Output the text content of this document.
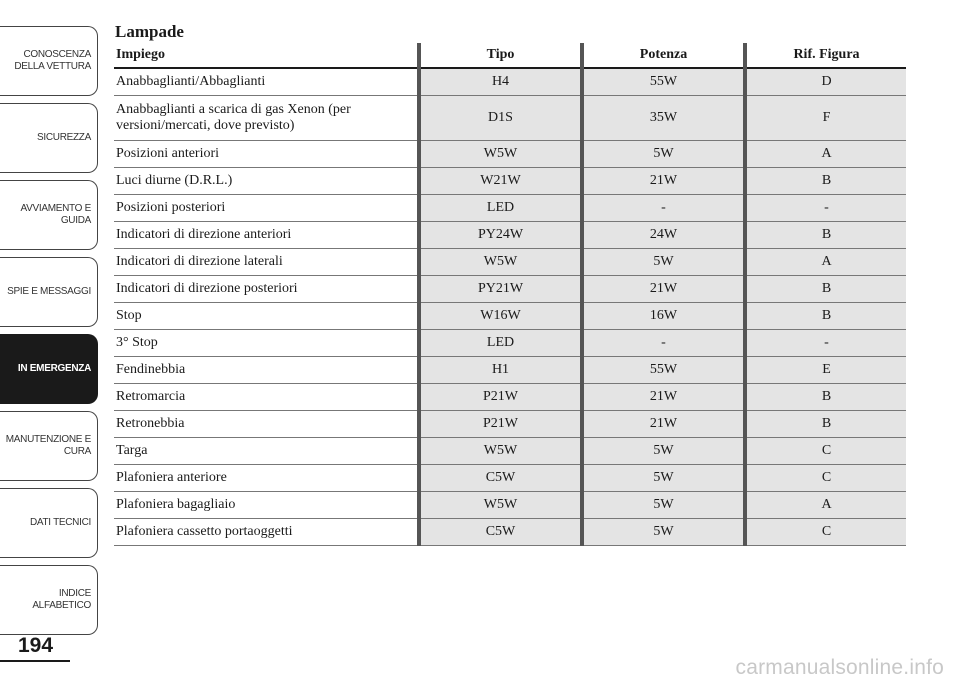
CONOSCENZA
DELLA VETTURA
SICUREZZA
AVVIAMENTO E
GUIDA
SPIE E MESSAGGI
IN EMERGENZA
MANUTENZIONE E
CURA
DATI TECNICI
INDICE
ALFABETICO
194
Lampade
Impiego	Tipo	Potenza	Rif. Figura
Anabbaglianti/Abbaglianti	H4	55W	D
Anabbaglianti a scarica di gas Xenon (per versioni/mercati, dove previsto)	D1S	35W	F
Posizioni anteriori	W5W	5W	A
Luci diurne (D.R.L.)	W21W	21W	B
Posizioni posteriori	LED	-	-
Indicatori di direzione anteriori	PY24W	24W	B
Indicatori di direzione laterali	W5W	5W	A
Indicatori di direzione posteriori	PY21W	21W	B
Stop	W16W	16W	B
3° Stop	LED	-	-
Fendinebbia	H1	55W	E
Retromarcia	P21W	21W	B
Retronebbia	P21W	21W	B
Targa	W5W	5W	C
Plafoniera anteriore	C5W	5W	C
Plafoniera bagagliaio	W5W	5W	A
Plafoniera cassetto portaoggetti	C5W	5W	C
carmanualsonline.info
